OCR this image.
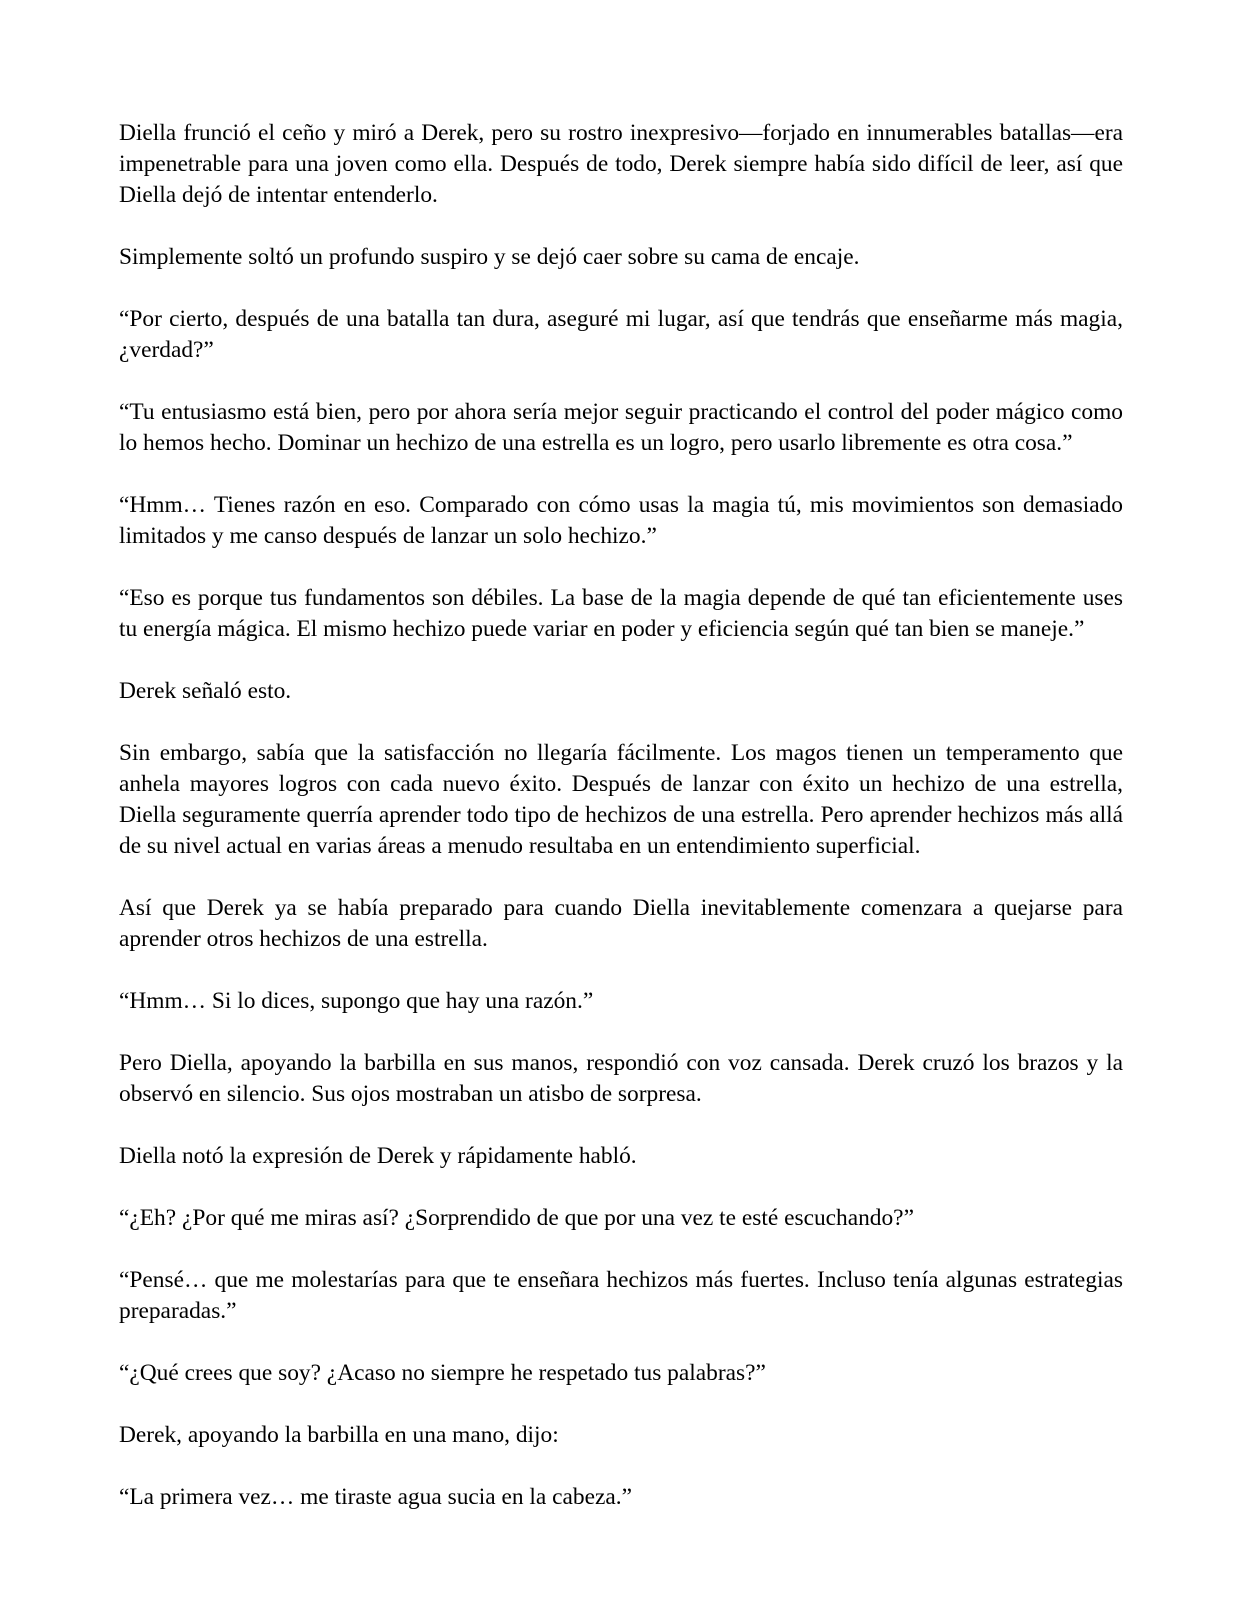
Diella frunció el ceño y miró a Derek, pero su rostro inexpresivo—forjado en innumerables batallas—era impenetrable para una joven como ella. Después de todo, Derek siempre había sido difícil de leer, así que Diella dejó de intentar entenderlo.

Simplemente soltó un profundo suspiro y se dejó caer sobre su cama de encaje.

“Por cierto, después de una batalla tan dura, aseguré mi lugar, así que tendrás que enseñarme más magia, ¿verdad?”

“Tu entusiasmo está bien, pero por ahora sería mejor seguir practicando el control del poder mágico como lo hemos hecho. Dominar un hechizo de una estrella es un logro, pero usarlo libremente es otra cosa.”

“Hmm… Tienes razón en eso. Comparado con cómo usas la magia tú, mis movimientos son demasiado limitados y me canso después de lanzar un solo hechizo.”

“Eso es porque tus fundamentos son débiles. La base de la magia depende de qué tan eficientemente uses tu energía mágica. El mismo hechizo puede variar en poder y eficiencia según qué tan bien se maneje.”

Derek señaló esto.

Sin embargo, sabía que la satisfacción no llegaría fácilmente. Los magos tienen un temperamento que anhela mayores logros con cada nuevo éxito. Después de lanzar con éxito un hechizo de una estrella, Diella seguramente querría aprender todo tipo de hechizos de una estrella. Pero aprender hechizos más allá de su nivel actual en varias áreas a menudo resultaba en un entendimiento superficial.

Así que Derek ya se había preparado para cuando Diella inevitablemente comenzara a quejarse para aprender otros hechizos de una estrella.

“Hmm… Si lo dices, supongo que hay una razón.”

Pero Diella, apoyando la barbilla en sus manos, respondió con voz cansada. Derek cruzó los brazos y la observó en silencio. Sus ojos mostraban un atisbo de sorpresa.

Diella notó la expresión de Derek y rápidamente habló.

“¿Eh? ¿Por qué me miras así? ¿Sorprendido de que por una vez te esté escuchando?”

“Pensé… que me molestarías para que te enseñara hechizos más fuertes. Incluso tenía algunas estrategias preparadas.”

“¿Qué crees que soy? ¿Acaso no siempre he respetado tus palabras?”

Derek, apoyando la barbilla en una mano, dijo:

“La primera vez… me tiraste agua sucia en la cabeza.”
